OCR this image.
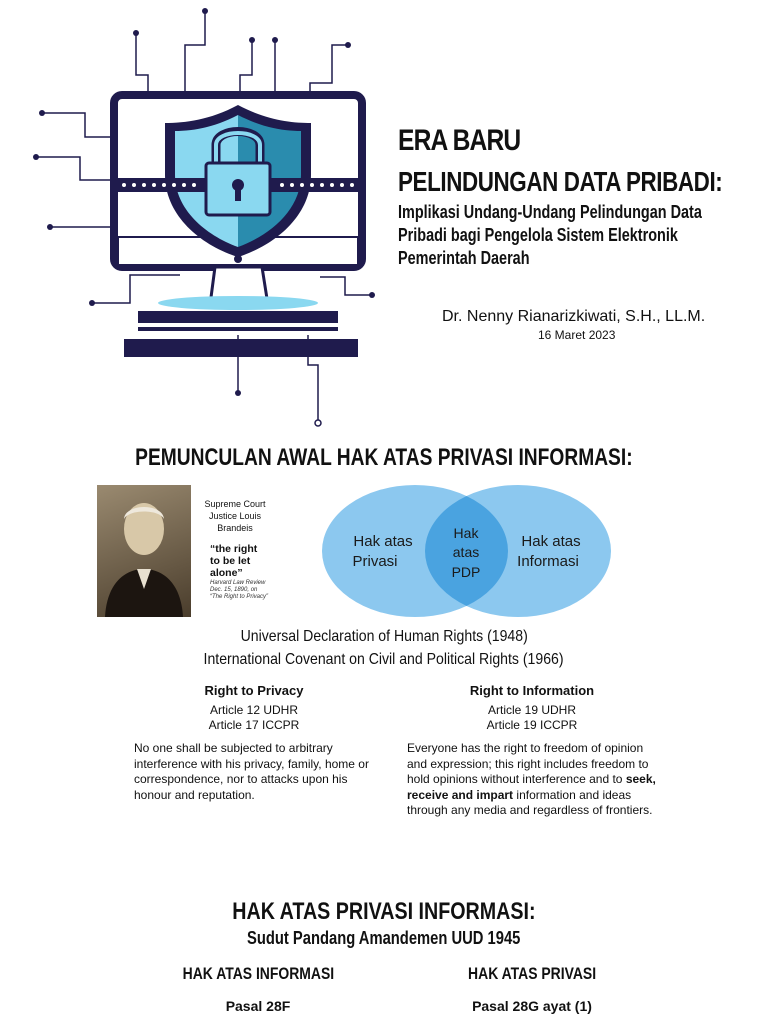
ERA BARU
PELINDUNGAN DATA PRIBADI:
Implikasi Undang-Undang Pelindungan Data Pribadi bagi Pengelola Sistem Elektronik Pemerintah Daerah
Dr. Nenny Rianarizkiwati, S.H., LL.M.
16 Maret 2023
PEMUNCULAN AWAL HAK ATAS PRIVASI INFORMASI:
Supreme Court
Justice Louis
Brandeis
“the right
to be let
alone”
Harvard Law Review
Dec. 15, 1890, on
“The Right to Privacy”
Hak atas
Privasi
Hak
atas
PDP
Hak atas
Informasi
Universal Declaration of Human Rights (1948)
International Covenant on Civil and Political Rights (1966)
Right to Privacy
Article 12 UDHR
Article 17 ICCPR
No one shall be subjected to arbitrary interference with his privacy, family, home or correspondence, nor to attacks upon his honour and reputation.
Right to Information
Article 19 UDHR
Article 19 ICCPR
Everyone has the right to freedom of opinion and expression; this right includes freedom to hold opinions without interference and to seek, receive and impart information and ideas through any media and regardless of frontiers.
HAK ATAS PRIVASI INFORMASI:
Sudut Pandang Amandemen UUD 1945
HAK ATAS INFORMASI
Pasal 28F
HAK ATAS PRIVASI
Pasal 28G ayat (1)
